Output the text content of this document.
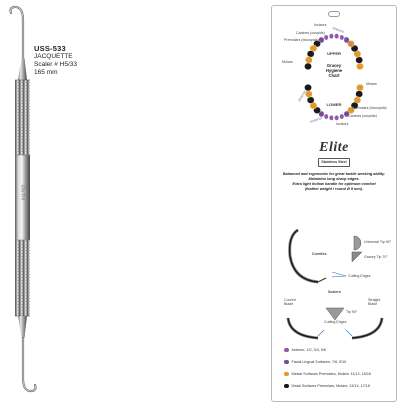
Elite Ti-9
USS-533
JACQUETTE
Scaler # H5/33
165 mm
UPPER
Gracey
Hygiene
Chart
LOWER
Incisors
Canines (cuspids)
Premolars (bicuspids)
Molars
Molars
Premolars (bicuspids)
Canines (cuspids)
Incisors
Anterior
Anterior
Anterior
Anterior
Elite
Stainless Steel
Balanced and ergonomic for great tactile working ability.
Maintains long sharp edges.
Extra light hollow handle for optimum comfort
(feather weight / round Ø 9 mm).
Curettes
Universal Tip 90°
Gracey Tip 70°
Cutting Edges
Scalers
Curved Blade
Straight Blade
Tip 90°
Cutting Edges
Anterior: 1/2, 3/4, 5/6
Facial Lingual Surfaces: 7/8, 9/10
Mesial Surfaces Premolars, Molars: 11/12, 15/16
Distal Surfaces Premolars, Molars: 13/14, 17/18
